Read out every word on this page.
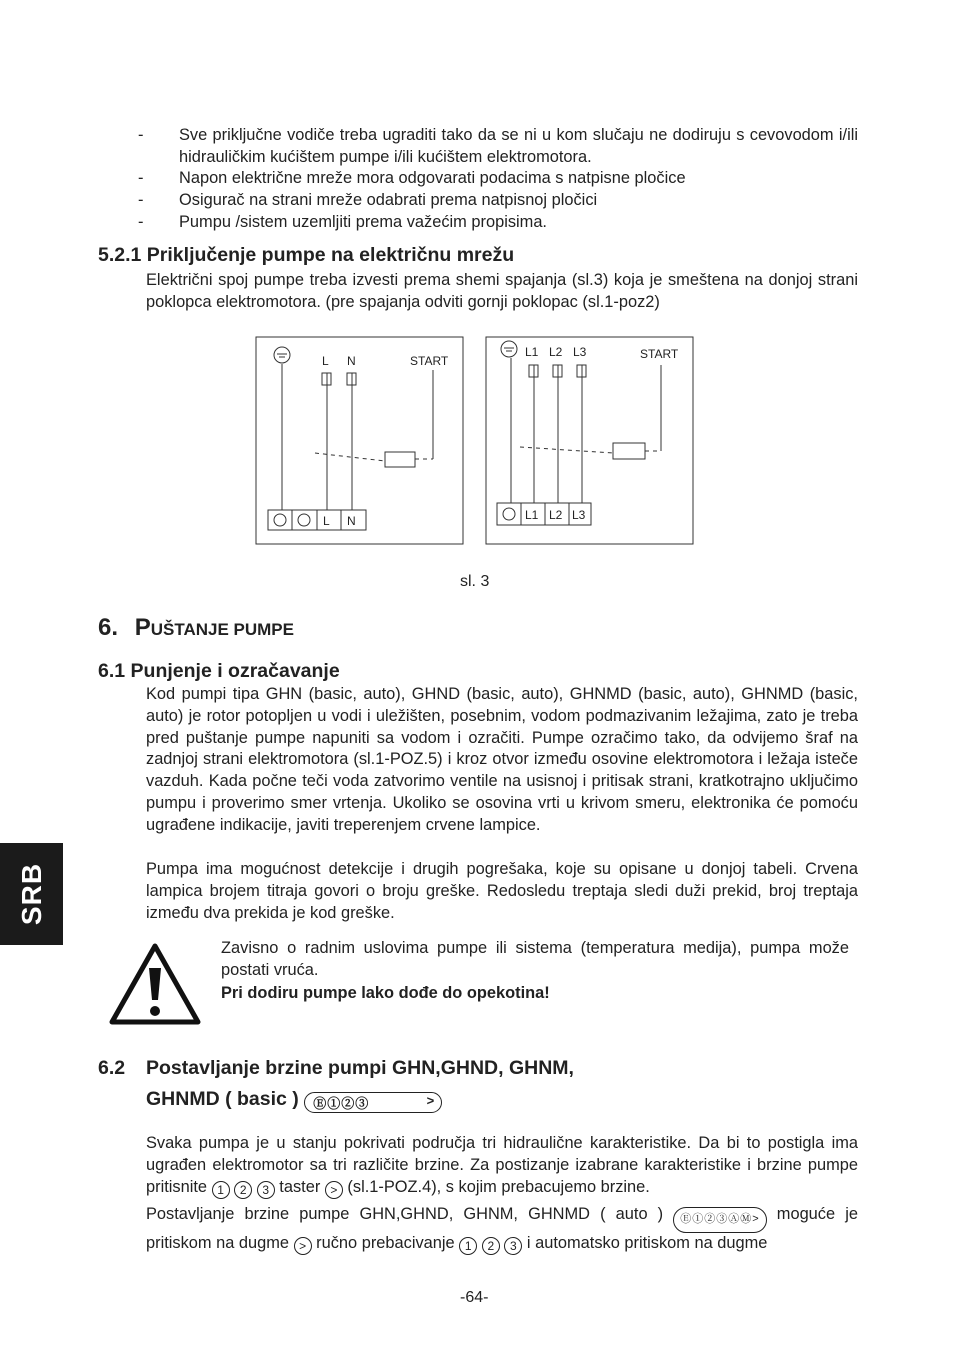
- Sve priključne vodiče treba ugraditi tako da se ni u kom slučaju ne dodiruju s cevovodom i/ili hidrauličkim kućištem pumpe i/ili kućištem elektromotora.
- Napon električne mreže mora odgovarati podacima s natpisne pločice
- Osigurač na strani mreže odabrati prema natpisnoj pločici
- Pumpu /sistem uzemljiti prema važećim propisima.
5.2.1 Priključenje pumpe na električnu mrežu
Električni spoj pumpe treba izvesti prema shemi spajanja (sl.3) koja je smeštena na donjoj strani poklopca elektromotora. (pre spajanja odviti gornji poklopac (sl.1-poz2)
L N	START
L N
L1 L2 L3	START
L1 L2 L3
sl. 3
6. PUŠTANJE PUMPE
6.1 Punjenje i ozračavanje
Kod pumpi tipa GHN (basic, auto), GHND (basic, auto), GHNMD (basic, auto), GHNMD (basic, auto) je rotor potopljen u vodi i uležišten, posebnim, vodom podmazivanim ležajima, zato je treba pred puštanje pumpe napuniti sa vodom i ozračiti. Pumpe ozračimo tako, da odvijemo šraf na zadnjoj strani elektromotora (sl.1-POZ.5) i kroz otvor između osovine elektromotora i ležaja isteče vazduh. Kada počne teči voda zatvorimo ventile na usisnoj i pritisak strani, kratkotrajno uključimo pumpu i proverimo smer vrtenja. Ukoliko se osovina vrti u krivom smeru, elektronika će pomoću ugrađene indikacije, javiti treperenjem crvene lampice.
Pumpa ima mogućnost detekcije i drugih pogrešaka, koje su opisane u donjoj tabeli. Crvena lampica brojem titraja govori o broju greške. Redosledu treptaja sledi duži prekid, broj treptaja između dva prekida je kod greške.
Zavisno o radnim uslovima pumpe ili sistema (temperatura medija), pumpa može postati vruća.
Pri dodiru pumpe lako dođe do opekotina!
6.2 Postavljanje brzine pumpi GHN,GHND, GHNM,
GHNMD ( basic ) Ⓔ①②③	>
Svaka pumpa je u stanju pokrivati područja tri hidraulične karakteristike. Da bi to postigla ima ugrađen elektromotor sa tri različite brzine. Za postizanje izabrane karakteristike i brzine pumpe pritisnite 1 2 3 taster > (sl.1-POZ.4), s kojim prebacujemo brzine.
Postavljanje brzine pumpe GHN,GHND, GHNM, GHNMD ( auto ) Ⓔ①②③ⒶⓂ> moguće je pritiskom na dugme > ručno prebacivanje 1 2 3 i automatsko pritiskom na dugme
SRB
-64-
